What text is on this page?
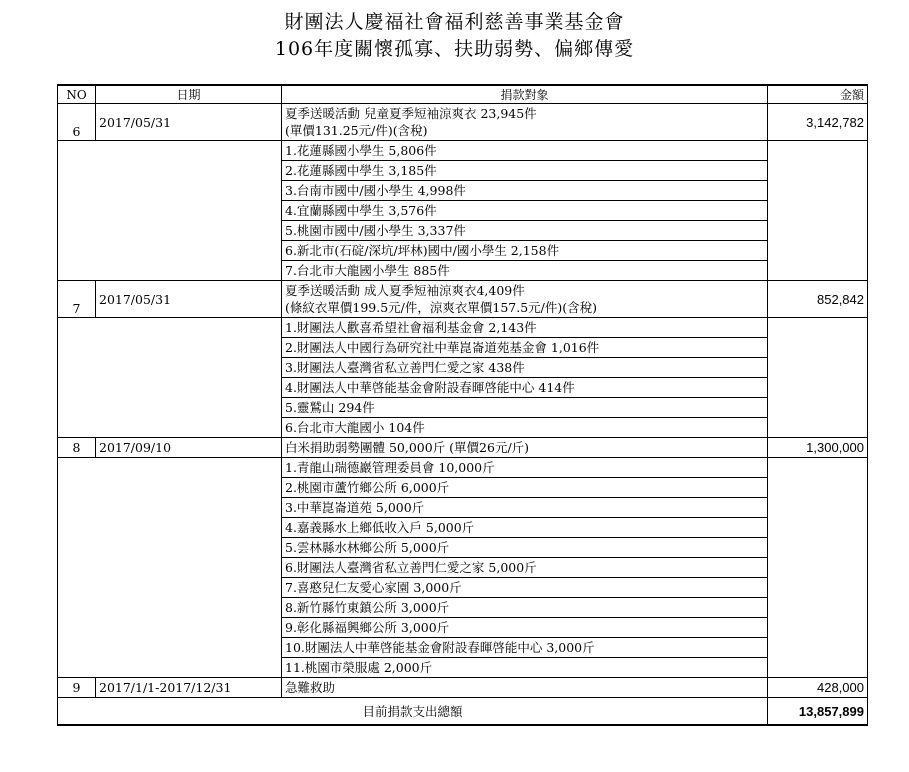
財團法人慶福社會福利慈善事業基金會
106年度關懷孤寡、扶助弱勢、偏鄉傳愛
NO	日期	捐款對象	金額
6	2017/05/31	夏季送暖活動 兒童夏季短袖涼爽衣 23,945件
(單價131.25元/件)(含稅)	3,142,782
		1.花蓮縣國小學生 5,806件	
		2.花蓮縣國中學生 3,185件	
		3.台南市國中/國小學生 4,998件	
		4.宜蘭縣國中學生 3,576件	
		5.桃園市國中/國小學生 3,337件	
		6.新北市(石碇/深坑/坪林)國中/國小學生 2,158件	
		7.台北市大龍國小學生 885件	
7	2017/05/31	夏季送暖活動 成人夏季短袖涼爽衣4,409件
(條紋衣單價199.5元/件，涼爽衣單價157.5元/件)(含稅)	852,842
		1.財團法人歡喜希望社會福利基金會 2,143件	
		2.財團法人中國行為研究社中華崑崙道苑基金會 1,016件	
		3.財團法人臺灣省私立善門仁愛之家 438件	
		4.財團法人中華啓能基金會附設春暉啓能中心 414件	
		5.靈鷲山 294件	
		6.台北市大龍國小 104件	
8	2017/09/10	白米捐助弱勢團體 50,000斤 (單價26元/斤)	1,300,000
		1.青龍山瑞德巖管理委員會 10,000斤	
		2.桃園市蘆竹鄉公所 6,000斤	
		3.中華崑崙道苑 5,000斤	
		4.嘉義縣水上鄉低收入戶 5,000斤	
		5.雲林縣水林鄉公所 5,000斤	
		6.財團法人臺灣省私立善門仁愛之家 5,000斤	
		7.喜憨兒仁友愛心家園 3,000斤	
		8.新竹縣竹東鎮公所 3,000斤	
		9.彰化縣福興鄉公所 3,000斤	
		10.財團法人中華啓能基金會附設春暉啓能中心 3,000斤	
		11.桃園市榮服處 2,000斤	
9	2017/1/1-2017/12/31	急難救助	428,000
目前捐款支出總額			13,857,899
